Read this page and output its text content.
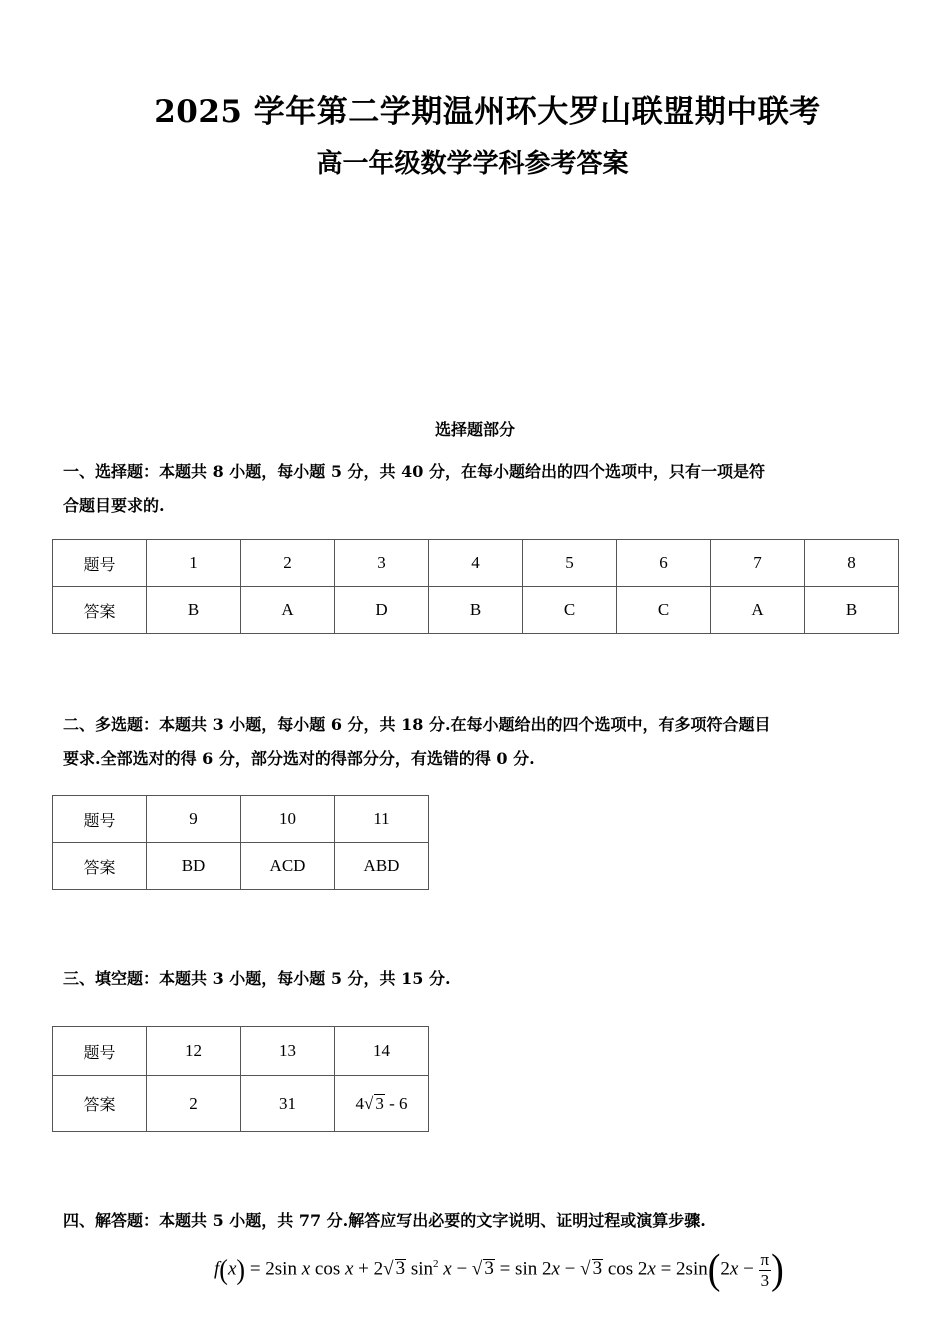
2025 学年第二学期温州环大罗山联盟期中联考
高一年级数学学科参考答案
选择题部分
一、选择题：本题共 8 小题，每小题 5 分，共 40 分，在每小题给出的四个选项中，只有一项是符
合题目要求的.
题号	1	2	3	4	5	6	7	8
答案	B	A	D	B	C	C	A	B
二、多选题：本题共 3 小题，每小题 6 分，共 18 分.在每小题给出的四个选项中，有多项符合题目
要求.全部选对的得 6 分，部分选对的得部分分，有选错的得 0 分.
题号	9	10	11
答案	BD	ACD	ABD
三、填空题：本题共 3 小题，每小题 5 分，共 15 分.
题号	12	13	14
答案	2	31	4√ 3 - 6
四、解答题：本题共 5 小题，共 77 分.解答应写出必要的文字说明、证明过程或演算步骤.
f(x) = 2sin x cos x + 2√ 3 $\sin^2 x$ − √ 3 = sin 2x − √ 3 $\cos 2x = 2\sin(2x - \frac{\pi}{3}$ )
